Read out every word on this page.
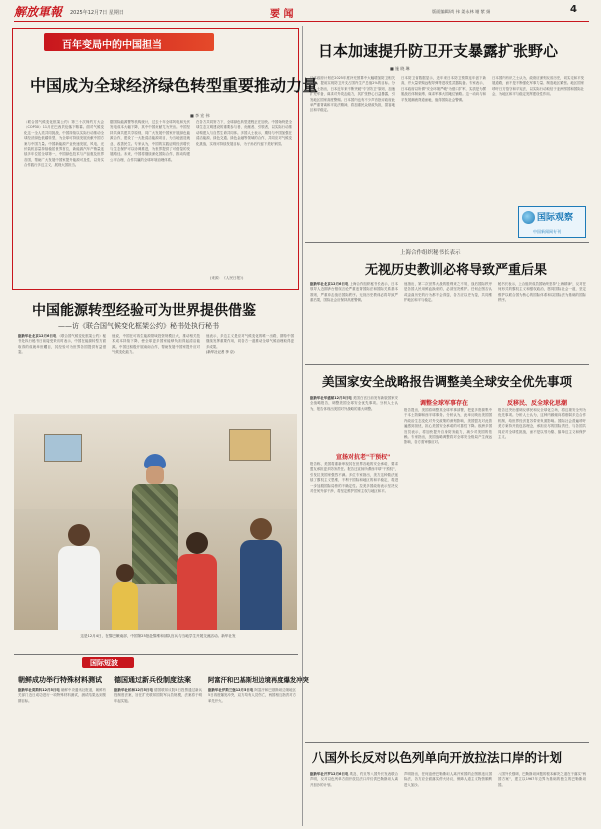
解放軍報 2025年12月7日 星期日	要 闻	版面编辑/尚 伟 姜永林 谢 紫 娟	4
百年变局中的中国担当
中国成为全球经济绿色转型重要推动力量
■ 李 宏 伟
（联合国气候变化框架公约）第三十次缔约方大会（COP30）11月在巴西贝伦落下帷幕。面对气候变化这一全人类共同挑战，中国持续以实际行动推动全球经济绿色低碳转型，为全球可持续发展贡献中国方案与中国力量。中国新能源产业快速发展，风电、光伏装机容量持续稳居世界首位，新能源汽车产销量连续多年位居全球第一，中国绿色技术与产品惠及世界各国，帮助广大发展中国家提升能源可及性，以务实合作践行多边主义，展现大国担当。
据国际能源署等机构统计，过去十年全球风电和光伏发电成本大幅下降，其中中国贡献尤为突出。中国坚持共商共建共享原则，同广大发展中国家开展绿色能源合作，建设了一大批清洁能源项目，为当地创造就业、改善民生。专家认为，中国的实践证明经济增长与生态保护可以协调推进，为世界提供了可借鉴的发展路径。未来，中国将继续深化国际合作，推动构建公平合理、合作共赢的全球环境治理体系。
在各方共同努力下，全球绿色转型进程正在加快。中国始终是全球生态文明建设的重要参与者、贡献者、引领者，以实际行动推动构建人与自然生命共同体。多国人士表示，期待与中国加强在清洁能源、绿色交通、绿色金融等领域的合作，共同应对气候变化挑战，实现可持续发展目标，为子孙后代留下美好家园。
(来源：《人民日报》)
日本加速提升防卫开支暴露扩张野心
■ 施 晓 琳
日本政府计划在2025年度补充预算中大幅增加防卫相关经费，提前实现防卫开支占国内生产总值2%的目标。分析人士指出，日本近年来不断突破"专守防卫"原则，加速扩充军备，谋求对外攻击能力，其扩张野心日益暴露，引发地区国家高度警惕。日本国内也有不少声音批评政府此举严重背离和平宪法精神，将加重民众财政负担，损害地区和平稳定。
日本防卫省数据显示，近年来日本防卫预算连年创下新高，并大量采购远程导弹等进攻性武器装备。专家表示，日本政府以所谓"安全环境严峻"为借口扩军，实质是为摆脱战后体制束缚、谋求军事大国地位铺路。这一动向与和平发展潮流背道而驰，值得国际社会警惕。
日本国内有识之士认为，政府应深刻反省历史，切实走和平发展道路，而不是不断强化军事力量、制造地区紧张。地区国家呼吁日方恪守和平宪法，以实际行动取信于亚洲邻国和国际社会，为地区和平与稳定发挥建设性作用。
国际观察
中国新闻网专刊
上海合作组织秘书长表示
无视历史教训必将导致严重后果
据新华社北京12月6日电 上海合作组织秘书长表示，日本领导人近期涉台错误言论严重违背国际法和国际关系基本准则，严重冲击战后国际秩序。无视历史教训必将导致严重后果，国际社会应保持高度警惕。
他指出，第二次世界大战的胜利来之不易，战后国际秩序是各国人民用鲜血换来的，必须坚决维护。任何企图否认或歪曲历史的行为都不会得逞，各方应以史为鉴，共同维护地区和平与稳定。
秘书长表示，上合组织成员国始终坚持"上海精神"，反对任何形式的霸权主义和强权政治，愿同国际社会一道，坚定维护以联合国为核心的国际体系和以国际法为基础的国际秩序。
中国能源转型经验可为世界提供借鉴
——访《联合国气候变化框架公约》秘书处执行秘书
据新华社北京12月6日电 《联合国气候变化框架公约》秘书处执行秘书日前接受采访时表示，中国在能源转型方面取得的成就举世瞩目，其经验可为世界各国提供有益借鉴。
他说，中国在可再生能源领域投资规模巨大，推动相关技术成本持续下降，使全球更多国家能够负担得起清洁能源。中国还积极开展南南合作，帮助发展中国家提升应对气候变化能力。
他表示，多边主义是应对气候变化的唯一出路，期待中国继续发挥重要作用，同各方一道推动全球气候治理取得更多成果。
(新华社记者 李 京)
这是12月4日，在黎巴嫩南部，中国第25批赴黎维和部队官兵与当地学生开展交流活动。新华社发
美国家安全战略报告调整美全球安全优先事项
据新华社华盛顿12月5日电 美国白宫日前发布新版国家安全战略报告，调整美国全球安全优先事项。分析人士认为，报告体现出美国对外战略的重大调整。
宣扬对抗老"干预权"
报告称，美国将重新审视其在世界各地的安全承诺，要求盟友承担更多防务责任。报告还宣扬所谓西半球"干预权"，引发拉美国家强烈不满。多位专家指出，美方这种做法延续了霸权主义思维，不利于国际和地区的和平稳定，将进一步加剧国际局势的不确定性。拉美多国政府表示坚决反对任何外部干涉，将坚定维护国家主权与地区和平。
调整全球军事存在
报告提出，美国将调整其全球军事部署，把更多资源集中于本土防御和西半球事务。分析认为，此举反映出美国国内政治生态变化对外交政策的深刻影响，美国盟友对此普遍感到担忧，担心美国安全承诺的可靠性下降。欧洲多国官员表示，将加快提升自身防务能力，减少对美国的依赖。专家指出，美国战略调整将对全球安全格局产生深远影响，各方需审慎应对。
反移民、反全球化思潮
报告还突出强调反移民和反全球化立场，将边境安全列为优先事项。分析人士认为，这种内顾倾向将削弱多边合作机制，给世界经济复苏带来负面影响。国际社会普遍呼吁美方秉持开放包容理念，承担应尽的国际责任，与各国共同应对全球性挑战，而不是以邻为壑、搞单边主义和保护主义。
国际短波
朝鲜成功举行特殊材料测试
据新华社莫斯科12月5日电 朝鲜中央通讯社报道，朝鲜有关部门近日成功进行一项特殊材料测试，测试结果达到预期目标。
德国通过新兵役制度法案
据新华社柏林12月5日电 德国联邦议院5日投票通过新兵役制度法案，旨在扩充联邦国防军兵员规模，法案将于明年起实施。
阿富汗和巴基斯坦边境再度爆发冲突
据新华社伊斯兰堡12月5日电 阿富汗和巴基斯坦边境地区5日再度爆发冲突，双方均有人员伤亡，两国相互指责对方率先开火。
八国外长反对以色列单向开放拉法口岸的计划
据新华社开罗12月6日电 埃及、约旦等八国外长发表联合声明，反对以色列单方面开放拉法口岸仅供巴勒斯坦人离开加沙的计划。
声明指出，任何迫使巴勒斯坦人离开家园的企图都违反国际法，各方应全面落实停火协议，保障人道主义物资顺利进入加沙。
八国外长强调，巴勒斯坦问题的根本解决之道在于落实"两国方案"，建立以1967年边界为基础的独立的巴勒斯坦国。
